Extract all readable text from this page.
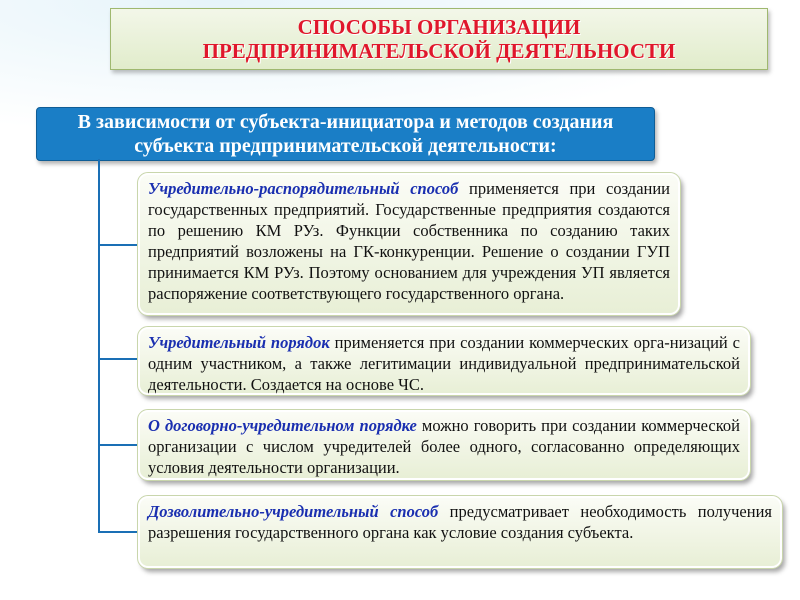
СПОСОБЫ ОРГАНИЗАЦИИ
ПРЕДПРИНИМАТЕЛЬСКОЙ ДЕЯТЕЛЬНОСТИ
В зависимости от субъекта-инициатора и методов создания
субъекта предпринимательской деятельности:
Учредительно-распорядительный способ применяется при создании государственных предприятий. Государственные предприятия создаются по решению КМ РУз. Функции собственника по созданию таких предприятий возложены на ГК-конкуренции. Решение о создании ГУП принимается КМ РУз. Поэтому основанием для учреждения УП является распоряжение соответствующего государственного органа.
Учредительный порядок применяется при создании коммерческих орга-низаций с одним участником, а также легитимации индивидуальной предпринимательской деятельности. Создается на основе ЧС.
О договорно-учредительном порядке можно говорить при создании коммерческой организации с числом учредителей более одного, согласованно определяющих условия деятельности организации.
Дозволительно-учредительный способ предусматривает необходимость получения разрешения государственного органа как условие создания субъекта.
